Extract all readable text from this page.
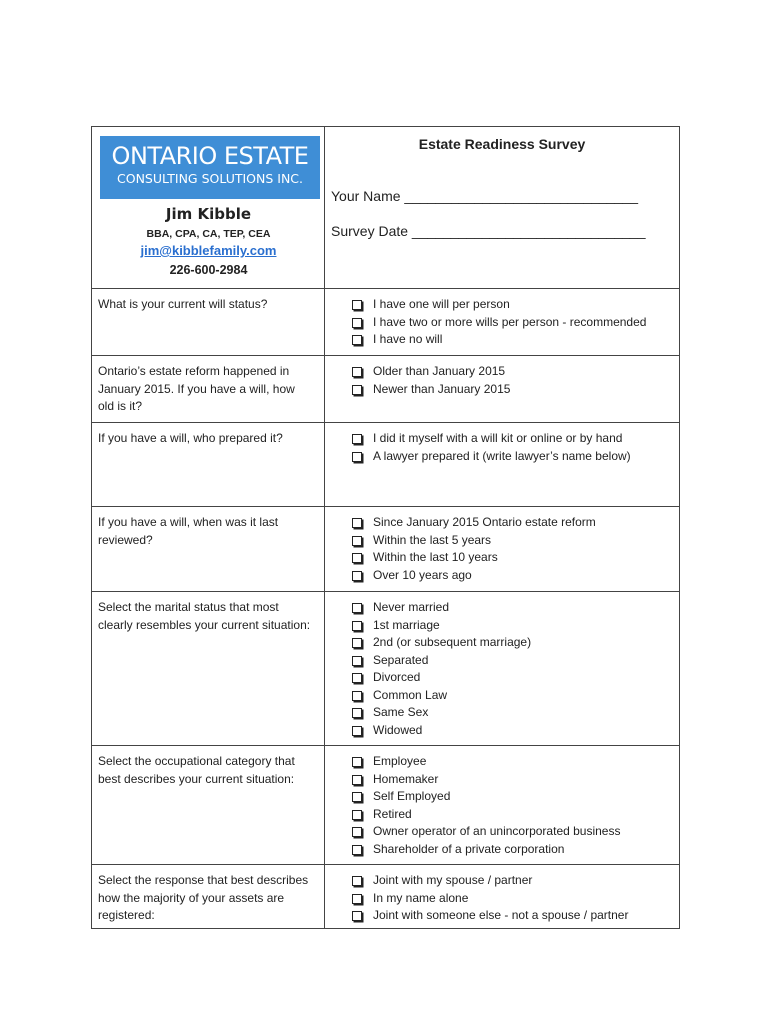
ONTARIO ESTATE
CONSULTING SOLUTIONS INC.
Jim Kibble
BBA, CPA, CA, TEP, CEA
jim@kibblefamily.com
226-600-2984
Estate Readiness Survey
Your Name ______________________________
Survey Date ______________________________
What is your current will status?	I have one will per person
I have two or more wills per person - recommended
I have no will
Ontario’s estate reform happened in January 2015. If you have a will, how old is it?
Older than January 2015
Newer than January 2015
If you have a will, who prepared it?	I did it myself with a will kit or online or by hand
A lawyer prepared it (write lawyer’s name below)
If you have a will, when was it last reviewed?
Since January 2015 Ontario estate reform
Within the last 5 years
Within the last 10 years
Over 10 years ago
Select the marital status that most clearly resembles your current situation:
Never married
1st marriage
2nd (or subsequent marriage)
Separated
Divorced
Common Law
Same Sex
Widowed
Select the occupational category that best describes your current situation:
Employee
Homemaker
Self Employed
Retired
Owner operator of an unincorporated business
Shareholder of a private corporation
Select the response that best describes how the majority of your assets are registered:
Joint with my spouse / partner
In my name alone
Joint with someone else - not a spouse / partner
